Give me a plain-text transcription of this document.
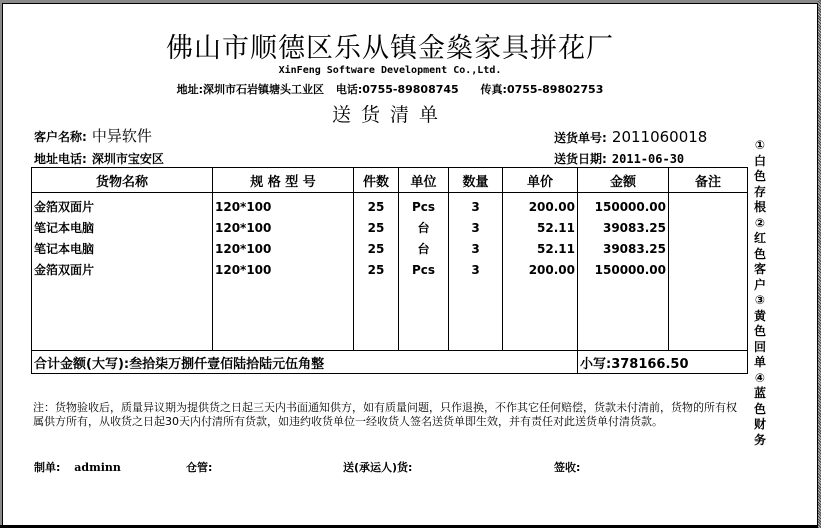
佛山市顺德区乐从镇金燊家具拼花厂
XinFeng Software Development Co.,Ltd.
地址:深圳市石岩镇塘头工业区 电话:0755-89808745 传真:0755-89802753
送货清单
客户名称: 中异软件
地址电话: 深圳市宝安区
送货单号: 2011060018
送货日期: 2011-06-30
货物名称	规 格 型 号	件数	单位	数量	单价	金额	备注
金箔双面片	120*100	25	Pcs	3	200.00	150000.00	
笔记本电脑	120*100	25	台	3	52.11	39083.25	
笔记本电脑	120*100	25	台	3	52.11	39083.25	
金箔双面片	120*100	25	Pcs	3	200.00	150000.00	

合计金额(大写):叁拾柒万捌仟壹佰陆拾陆元伍角整						小写:378166.50	
注：货物验收后，质量异议期为提供货之日起三天内书面通知供方，如有质量问题，只作退换，不作其它任何赔偿，货款未付清前，货物的所有权属供方所有，从收货之日起30天内付清所有货款，如违约收货单位一经收货人签名送货单即生效，并有责任对此送货单付清货款。
制单: adminn	仓管:	送(承运人)货:	签收:
①白色存根②红色客户③黄色回单④蓝色财务
